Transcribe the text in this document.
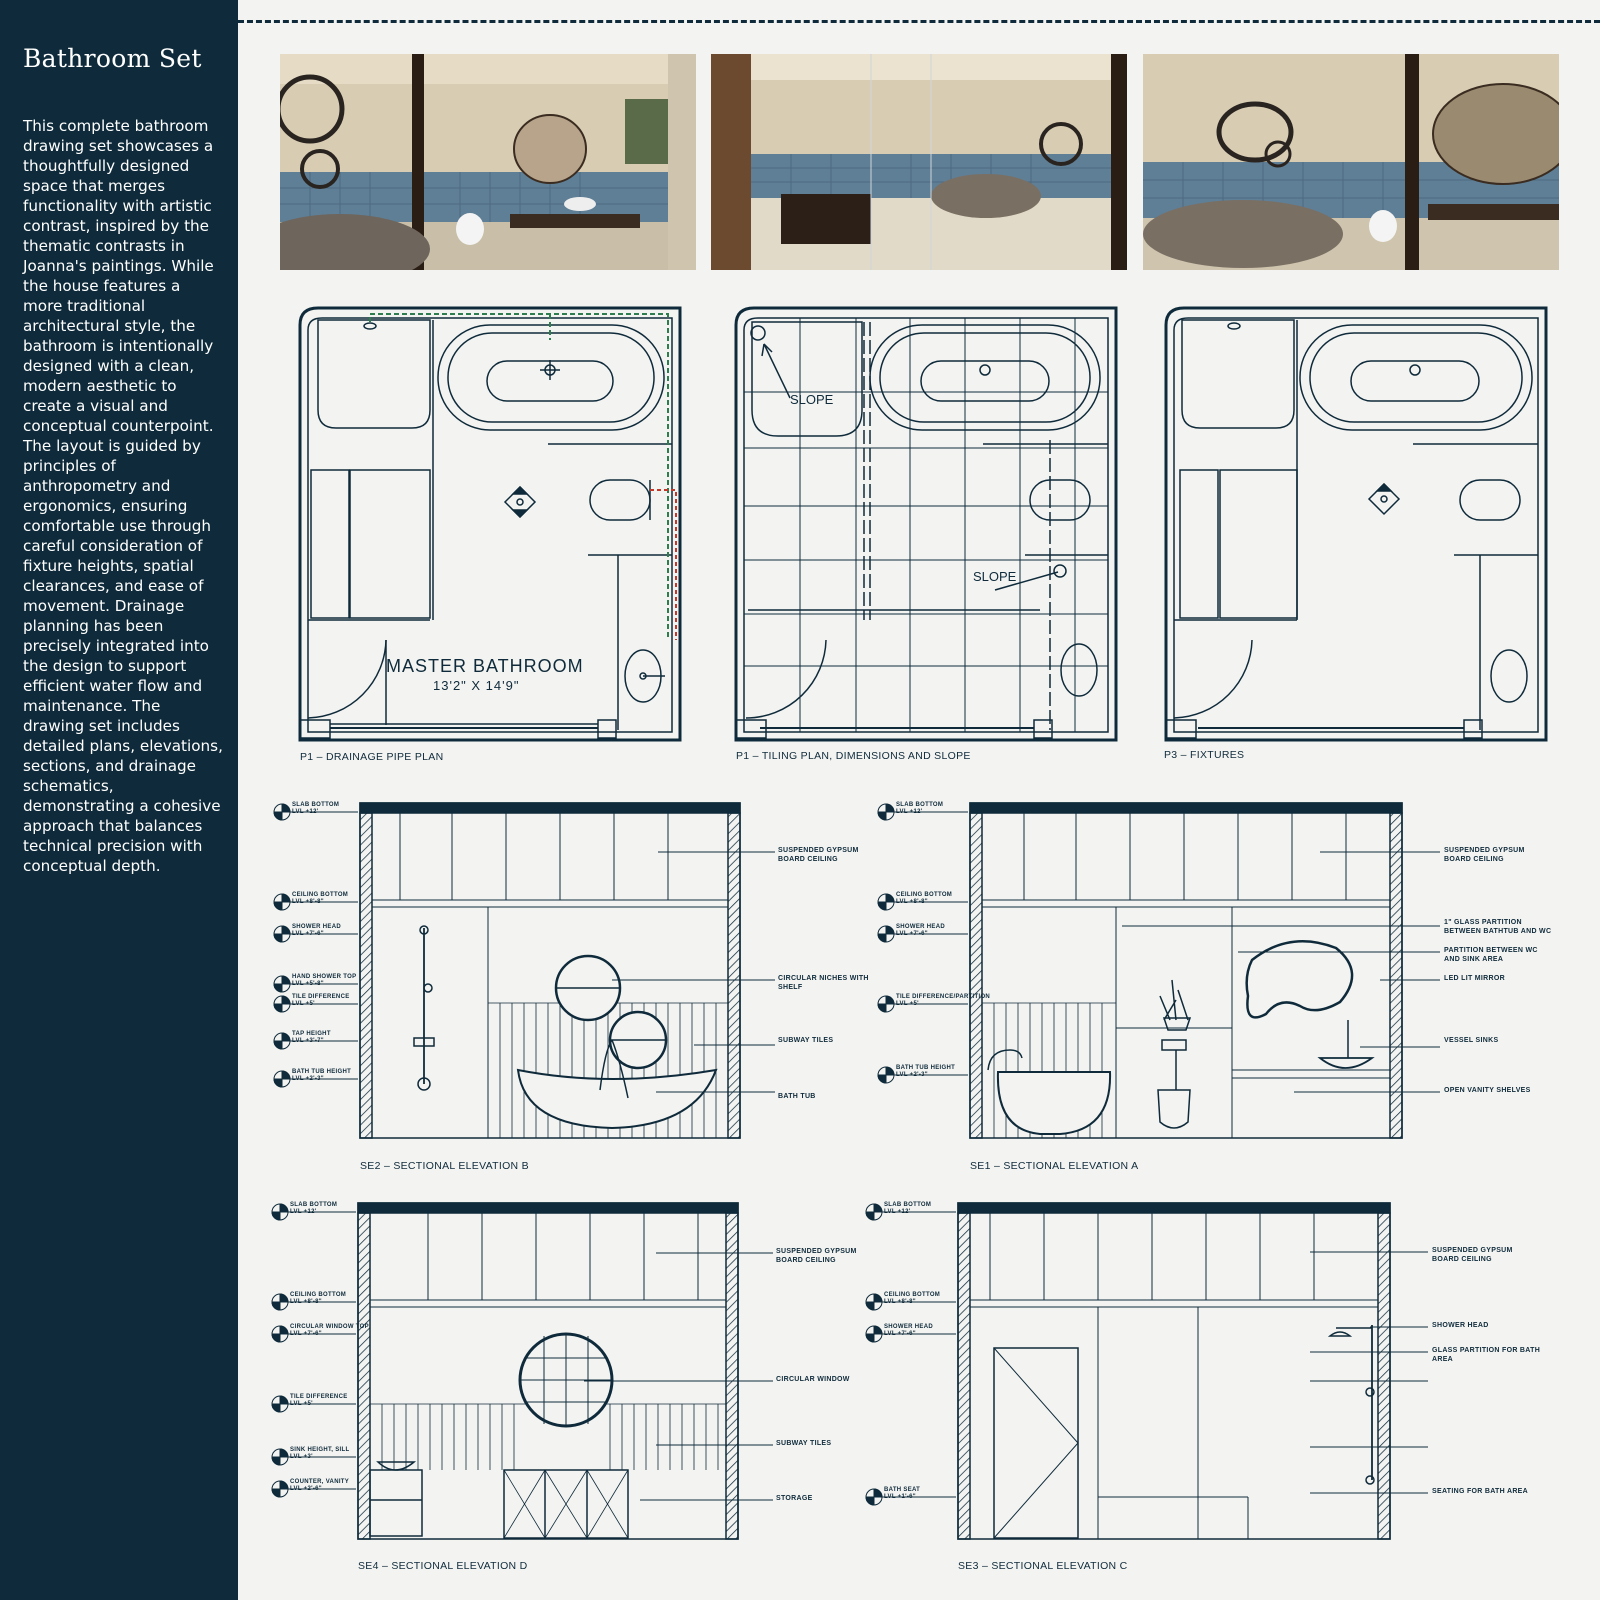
Bathroom Set

This complete bathroom drawing set showcases a thoughtfully designed space that merges functionality with artistic contrast, inspired by the thematic contrasts in Joanna's paintings. While the house features a more traditional architectural style, the bathroom is intentionally designed with a clean, modern aesthetic to create a visual and conceptual counterpoint. The layout is guided by principles of anthropometry and ergonomics, ensuring comfortable use through careful consideration of fixture heights, spatial clearances, and ease of movement. Drainage planning has been precisely integrated into the design to support efficient water flow and maintenance. The drawing set includes detailed plans, elevations, sections, and drainage schematics, demonstrating a cohesive approach that balances technical precision with conceptual depth.

MASTER BATHROOM
13'2" X 14'9"
SLOPE
SLOPE
P1 – DRAINAGE PIPE PLAN	P1 – TILING PLAN, DIMENSIONS AND SLOPE	P3 – FIXTURES
SE2 – SECTIONAL ELEVATION B	SE1 – SECTIONAL ELEVATION A
SE4 – SECTIONAL ELEVATION D	SE3 – SECTIONAL ELEVATION C
SLAB BOTTOM
LVL +12'
CEILING BOTTOM
LVL +8'-8"
SHOWER HEAD
LVL +7'-6"
HAND SHOWER TOP
LVL +5'-8"
TILE DIFFERENCE
LVL +5'
TAP HEIGHT
LVL +3'-7"
BATH TUB HEIGHT
LVL +2'-3"
SUSPENDED GYPSUM BOARD CEILING
CIRCULAR NICHES WITH SHELF
SUBWAY TILES
BATH TUB
SLAB BOTTOM
LVL +12'
CEILING BOTTOM
LVL +8'-8"
SHOWER HEAD
LVL +7'-6"
TILE DIFFERENCE/PARTITION
LVL +5'
BATH TUB HEIGHT
LVL +2'-3"
SUSPENDED GYPSUM BOARD CEILING
1" GLASS PARTITION BETWEEN BATHTUB AND WC
PARTITION BETWEEN WC AND SINK AREA
LED LIT MIRROR
VESSEL SINKS
OPEN VANITY SHELVES
SLAB BOTTOM
LVL +12'
CEILING BOTTOM
LVL +8'-8"
CIRCULAR WINDOW TOP
LVL +7'-6"
TILE DIFFERENCE
LVL +5'
SINK HEIGHT, SILL
LVL +3'
COUNTER, VANITY
LVL +2'-6"
SUSPENDED GYPSUM BOARD CEILING
CIRCULAR WINDOW
SUBWAY TILES
STORAGE
SLAB BOTTOM
LVL +12'
CEILING BOTTOM
LVL +8'-8"
SHOWER HEAD
LVL +7'-6"
BATH SEAT
LVL +1'-6"
SUSPENDED GYPSUM BOARD CEILING
SHOWER HEAD
GLASS PARTITION FOR BATH AREA
SEATING FOR BATH AREA
